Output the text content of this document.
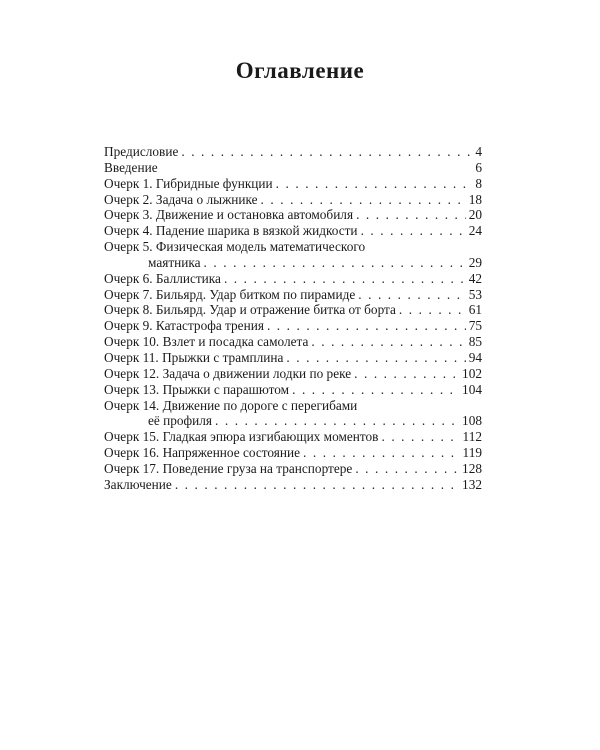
Оглавление
Предисловие . . .	4
Введение	6
Очерк 1. Гибридные функции . . .	8
Очерк 2. Задача о лыжнике . . .	18
Очерк 3. Движение и остановка автомобиля . . .	20
Очерк 4. Падение шарика в вязкой жидкости . . .	24
Очерк 5. Физическая модель математического
маятника . . .	29
Очерк 6. Баллистика . . .	42
Очерк 7. Бильярд. Удар битком по пирамиде . . .	53
Очерк 8. Бильярд. Удар и отражение битка от борта . . .	61
Очерк 9. Катастрофа трения . . .	75
Очерк 10. Взлет и посадка самолета . . .	85
Очерк 11. Прыжки с трамплина . . .	94
Очерк 12. Задача о движении лодки по реке . . .	102
Очерк 13. Прыжки с парашютом . . .	104
Очерк 14. Движение по дороге с перегибами
её профиля . . .	108
Очерк 15. Гладкая эпюра изгибающих моментов . . .	112
Очерк 16. Напряженное состояние . . .	119
Очерк 17. Поведение груза на транспортере . . .	128
Заключение . . .	132
